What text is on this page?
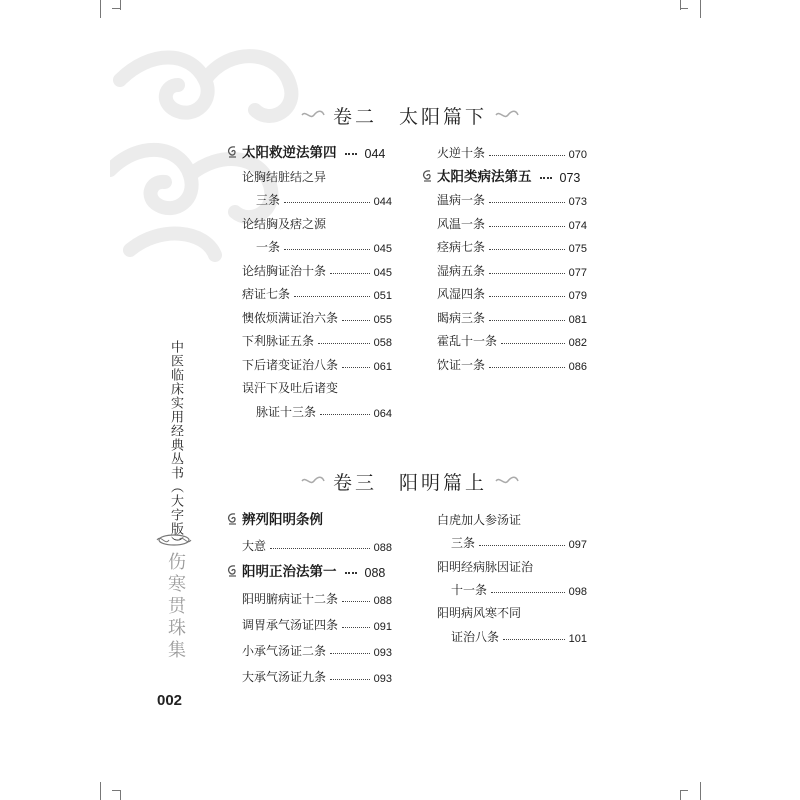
卷二　太阳篇下
卷三　阳明篇上
太阳救逆法第四 044
论胸结脏结之异
三条	044
论结胸及痞之源
一条	045
论结胸证治十条	045
痞证七条	051
懊侬烦满证治六条	055
下利脉证五条	058
下后诸变证治八条	061
误汗下及吐后诸变
脉证十三条	064
火逆十条	070
太阳类病法第五 073
温病一条	073
风温一条	074
痉病七条	075
湿病五条	077
风湿四条	079
暍病三条	081
霍乱十一条	082
饮证一条	086
辨列阳明条例
大意	088
阳明正治法第一 088
阳明腑病证十二条	088
调胃承气汤证四条	091
小承气汤证二条	093
大承气汤证九条	093
白虎加人参汤证
三条	097
阳明经病脉因证治
十一条	098
阳明病风寒不同
证治八条	101
中医临床实用经典丛书（大字版）
伤寒贯珠集
002
